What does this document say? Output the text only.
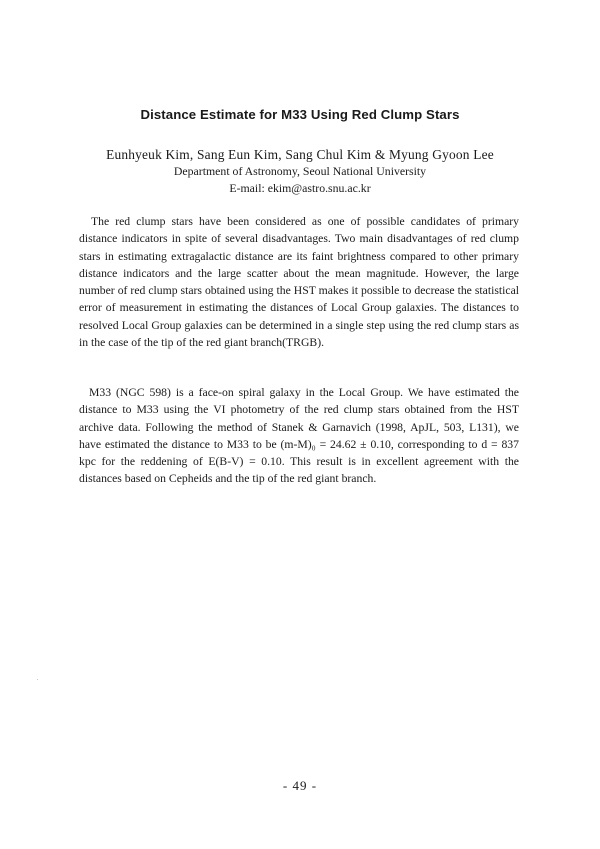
Distance Estimate for M33 Using Red Clump Stars
Eunhyeuk Kim, Sang Eun Kim, Sang Chul Kim & Myung Gyoon Lee
Department of Astronomy, Seoul National University
E-mail: ekim@astro.snu.ac.kr
The red clump stars have been considered as one of possible candidates of primary distance indicators in spite of several disadvantages. Two main disadvantages of red clump stars in estimating extragalactic distance are its faint brightness compared to other primary distance indicators and the large scatter about the mean magnitude. However, the large number of red clump stars obtained using the HST makes it possible to decrease the statistical error of measurement in estimating the distances of Local Group galaxies. The distances to resolved Local Group galaxies can be determined in a single step using the red clump stars as in the case of the tip of the red giant branch(TRGB).
M33 (NGC 598) is a face-on spiral galaxy in the Local Group. We have estimated the distance to M33 using the VI photometry of the red clump stars obtained from the HST archive data. Following the method of Stanek & Garnavich (1998, ApJL, 503, L131), we have estimated the distance to M33 to be (m-M)₀ = 24.62 ± 0.10, corresponding to d = 837 kpc for the reddening of E(B-V) = 0.10. This result is in excellent agreement with the distances based on Cepheids and the tip of the red giant branch.
- 49 -
